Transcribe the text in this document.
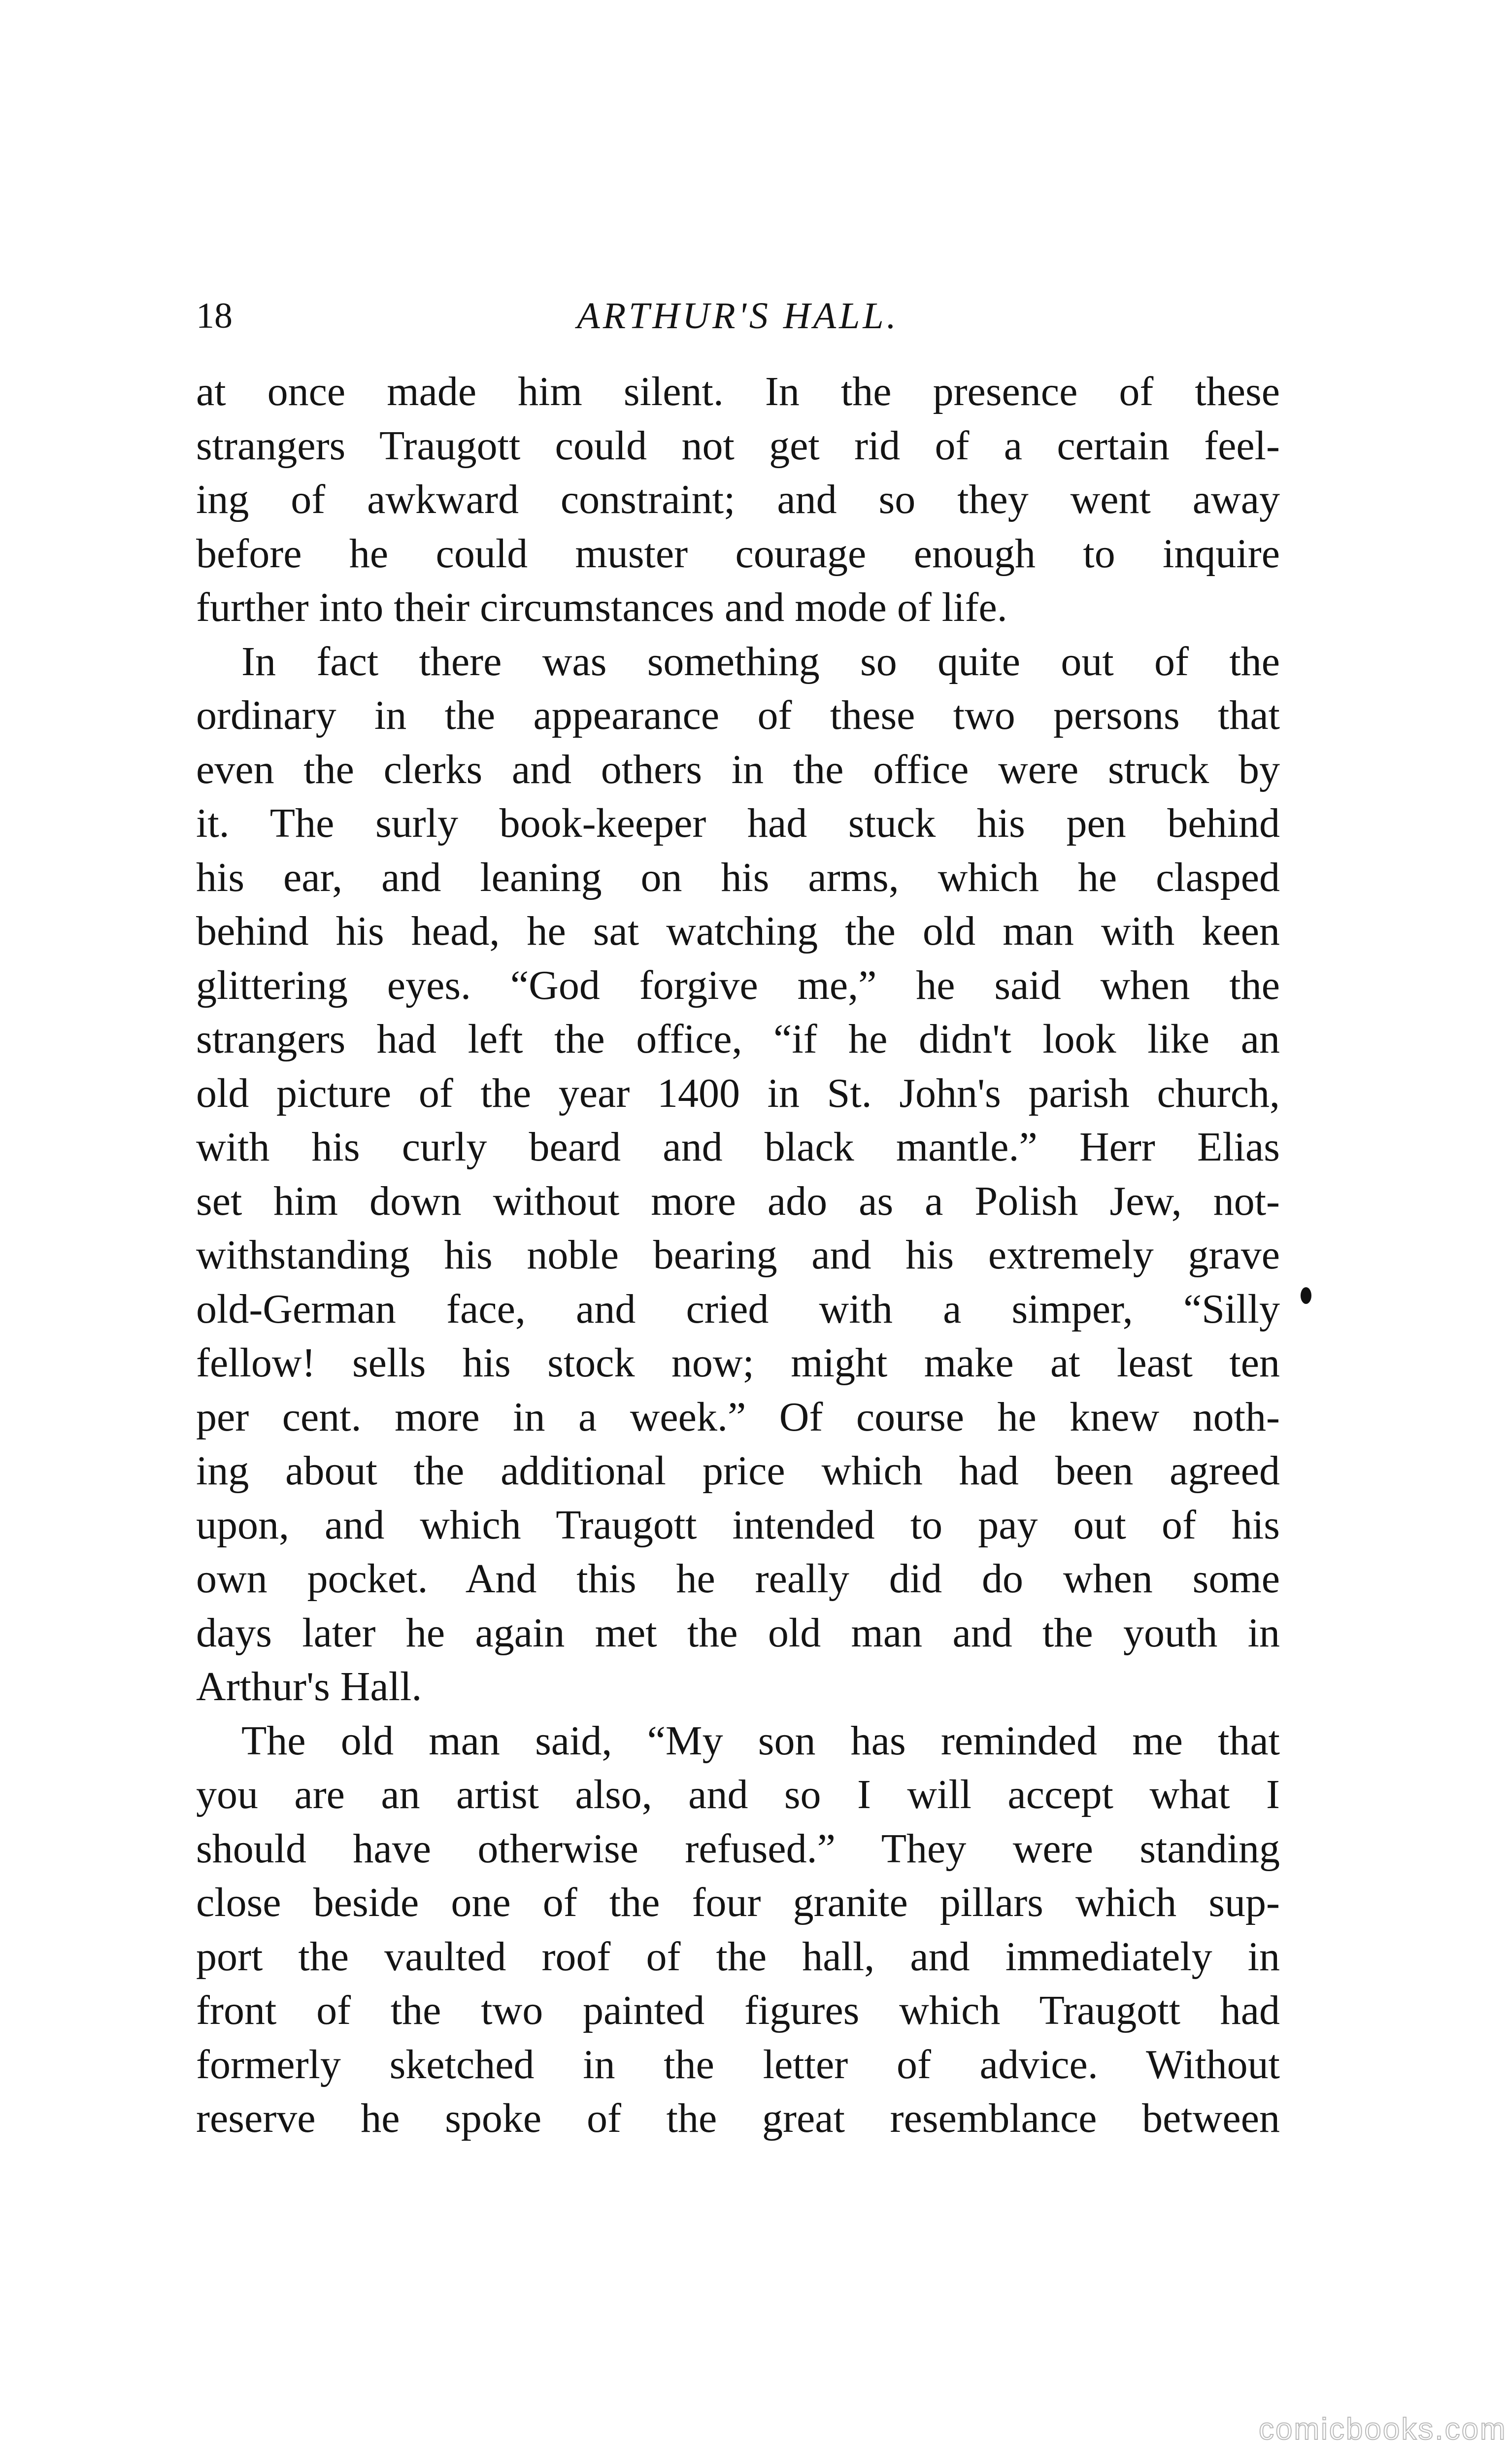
18	ARTHUR'S HALL.
at once made him silent. In the presence of these
strangers Traugott could not get rid of a certain feel-
ing of awkward constraint; and so they went away
before he could muster courage enough to inquire
further into their circumstances and mode of life.
In fact there was something so quite out of the
ordinary in the appearance of these two persons that
even the clerks and others in the office were struck by
it. The surly book-keeper had stuck his pen behind
his ear, and leaning on his arms, which he clasped
behind his head, he sat watching the old man with keen
glittering eyes. “God forgive me,” he said when the
strangers had left the office, “if he didn't look like an
old picture of the year 1400 in St. John's parish church,
with his curly beard and black mantle.” Herr Elias
set him down without more ado as a Polish Jew, not-
withstanding his noble bearing and his extremely grave
old-German face, and cried with a simper, “Silly
fellow! sells his stock now; might make at least ten
per cent. more in a week.” Of course he knew noth-
ing about the additional price which had been agreed
upon, and which Traugott intended to pay out of his
own pocket. And this he really did do when some
days later he again met the old man and the youth in
Arthur's Hall.
The old man said, “My son has reminded me that
you are an artist also, and so I will accept what I
should have otherwise refused.” They were standing
close beside one of the four granite pillars which sup-
port the vaulted roof of the hall, and immediately in
front of the two painted figures which Traugott had
formerly sketched in the letter of advice. Without
reserve he spoke of the great resemblance between
comicbooks.com
